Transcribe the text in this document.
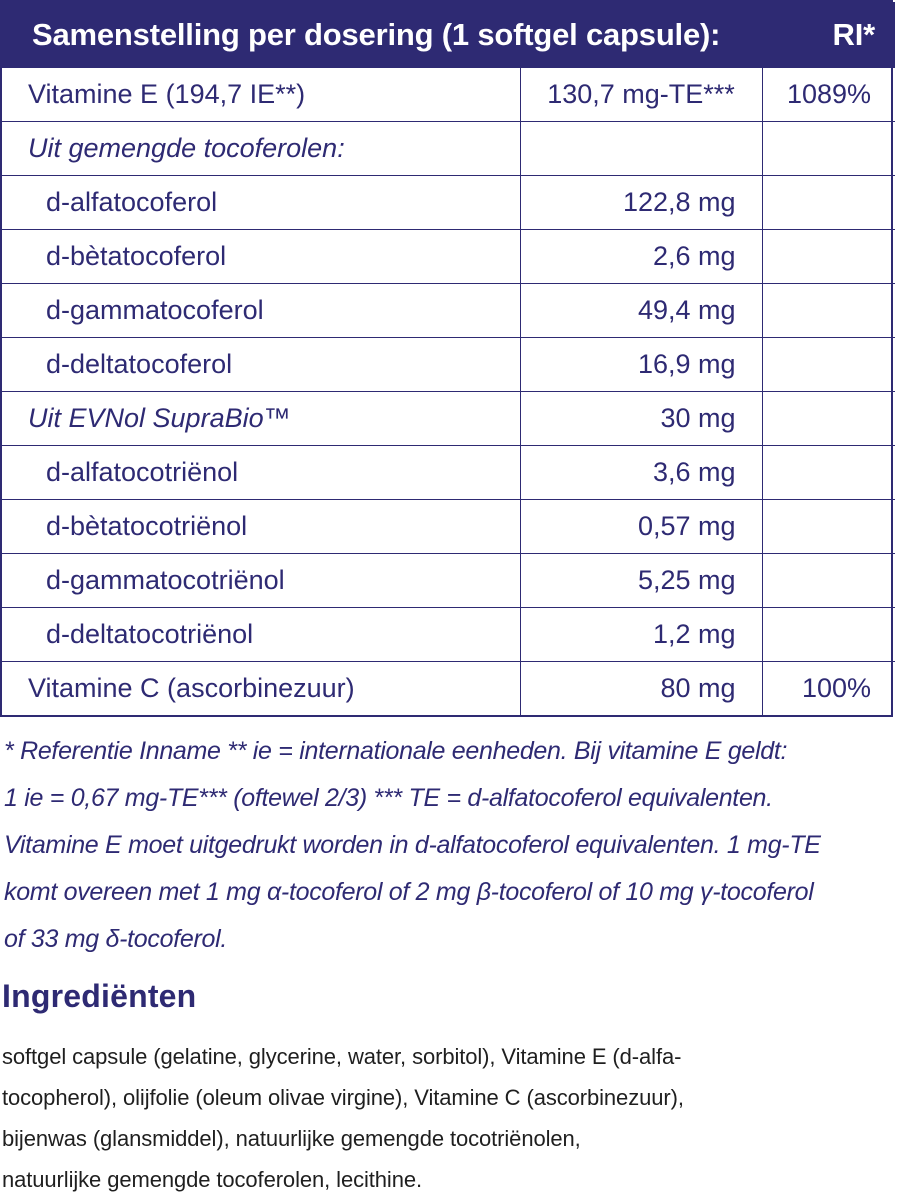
Samenstelling per dosering (1 softgel capsule):		RI*
Vitamine E (194,7 IE**)	130,7 mg-TE***	1089%
Uit gemengde tocoferolen:		
d-alfatocoferol	122,8 mg	
d-bètatocoferol	2,6 mg	
d-gammatocoferol	49,4 mg	
d-deltatocoferol	16,9 mg	
Uit EVNol SupraBio™	30 mg	
d-alfatocotriënol	3,6 mg	
d-bètatocotriënol	0,57 mg	
d-gammatocotriënol	5,25 mg	
d-deltatocotriënol	1,2 mg	
Vitamine C (ascorbinezuur)	80 mg	100%

* Referentie Inname ** ie = internationale eenheden. Bij vitamine E geldt:

1 ie = 0,67 mg-TE*** (oftewel 2/3) *** TE = d-alfatocoferol equivalenten.

Vitamine E moet uitgedrukt worden in d-alfatocoferol equivalenten. 1 mg-TE

komt overeen met 1 mg α-tocoferol of 2 mg β-tocoferol of 10 mg γ-tocoferol

of 33 mg δ-tocoferol.

Ingrediënten

softgel capsule (gelatine, glycerine, water, sorbitol), Vitamine E (d-alfa-
tocopherol), olijfolie (oleum olivae virgine), Vitamine C (ascorbinezuur),
bijenwas (glansmiddel), natuurlijke gemengde tocotriënolen,
natuurlijke gemengde tocoferolen, lecithine.
